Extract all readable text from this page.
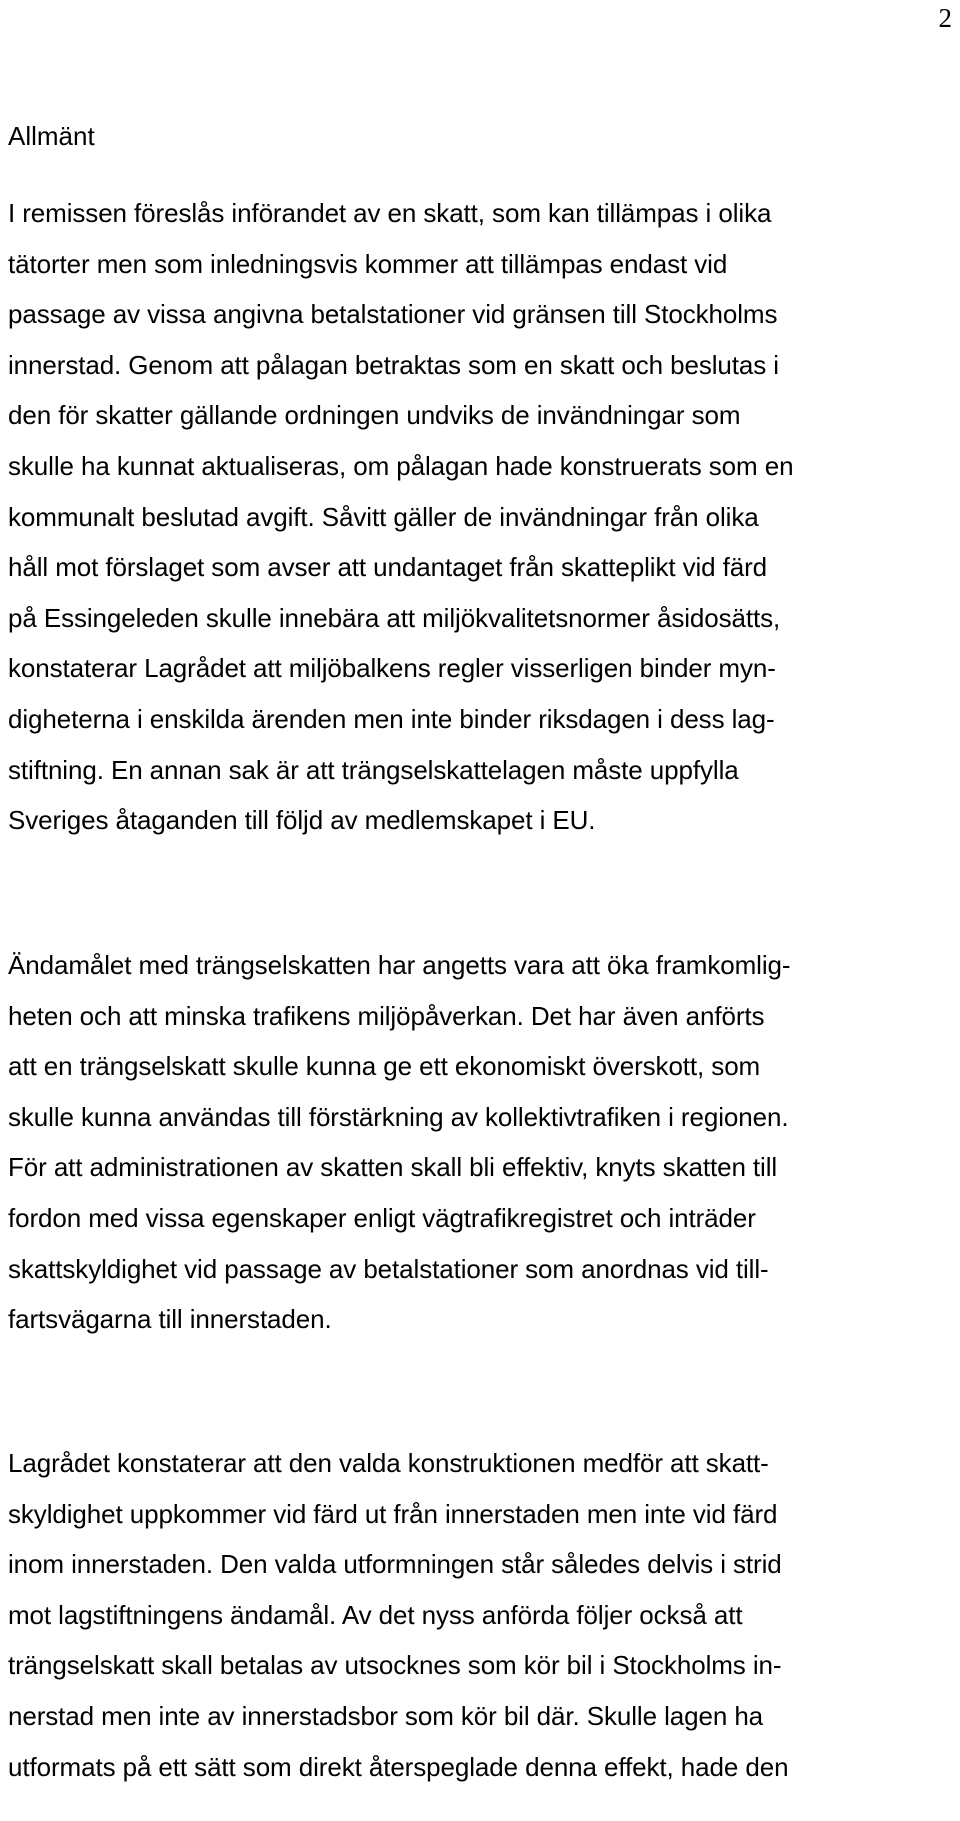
2
Allmänt
I remissen föreslås införandet av en skatt, som kan tillämpas i olika
tätorter men som inledningsvis kommer att tillämpas endast vid
passage av vissa angivna betalstationer vid gränsen till Stockholms
innerstad. Genom att pålagan betraktas som en skatt och beslutas i
den för skatter gällande ordningen undviks de invändningar som
skulle ha kunnat aktualiseras, om pålagan hade konstruerats som en
kommunalt beslutad avgift. Såvitt gäller de invändningar från olika
håll mot förslaget som avser att undantaget från skatteplikt vid färd
på Essingeleden skulle innebära att miljökvalitetsnormer åsidosätts,
konstaterar Lagrådet att miljöbalkens regler visserligen binder myn-
digheterna i enskilda ärenden men inte binder riksdagen i dess lag-
stiftning. En annan sak är att trängselskattelagen måste uppfylla
Sveriges åtaganden till följd av medlemskapet i EU.
Ändamålet med trängselskatten har angetts vara att öka framkomlig-
heten och att minska trafikens miljöpåverkan. Det har även anförts
att en trängselskatt skulle kunna ge ett ekonomiskt överskott, som
skulle kunna användas till förstärkning av kollektivtrafiken i regionen.
För att administrationen av skatten skall bli effektiv, knyts skatten till
fordon med vissa egenskaper enligt vägtrafikregistret och inträder
skattskyldighet vid passage av betalstationer som anordnas vid till-
fartsvägarna till innerstaden.
Lagrådet konstaterar att den valda konstruktionen medför att skatt-
skyldighet uppkommer vid färd ut från innerstaden men inte vid färd
inom innerstaden. Den valda utformningen står således delvis i strid
mot lagstiftningens ändamål. Av det nyss anförda följer också att
trängselskatt skall betalas av utsocknes som kör bil i Stockholms in-
nerstad men inte av innerstadsbor som kör bil där. Skulle lagen ha
utformats på ett sätt som direkt återspeglade denna effekt, hade den
